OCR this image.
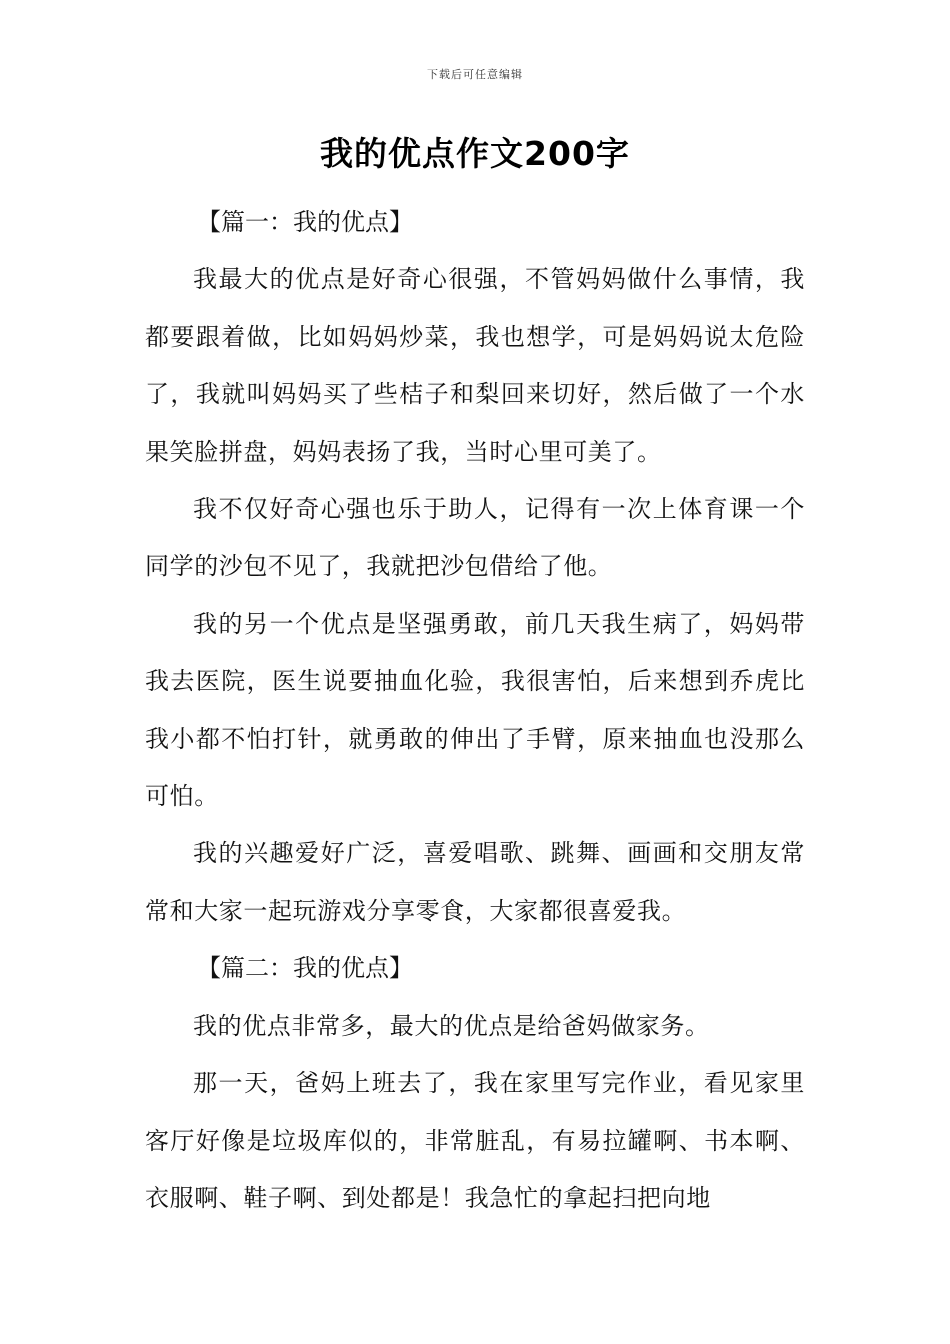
下载后可任意编辑
我的优点作文200字
【篇一：我的优点】

我最大的优点是好奇心很强，不管妈妈做什么事情，我都要跟着做，比如妈妈炒菜，我也想学，可是妈妈说太危险了，我就叫妈妈买了些桔子和梨回来切好，然后做了一个水果笑脸拼盘，妈妈表扬了我，当时心里可美了。

我不仅好奇心强也乐于助人，记得有一次上体育课一个同学的沙包不见了，我就把沙包借给了他。

我的另一个优点是坚强勇敢，前几天我生病了，妈妈带我去医院，医生说要抽血化验，我很害怕，后来想到乔虎比我小都不怕打针，就勇敢的伸出了手臂，原来抽血也没那么可怕。

我的兴趣爱好广泛，喜爱唱歌、跳舞、画画和交朋友常常和大家一起玩游戏分享零食，大家都很喜爱我。

【篇二：我的优点】

我的优点非常多，最大的优点是给爸妈做家务。

那一天，爸妈上班去了，我在家里写完作业，看见家里客厅好像是垃圾库似的，非常脏乱，有易拉罐啊、书本啊、衣服啊、鞋子啊、到处都是！我急忙的拿起扫把向地
